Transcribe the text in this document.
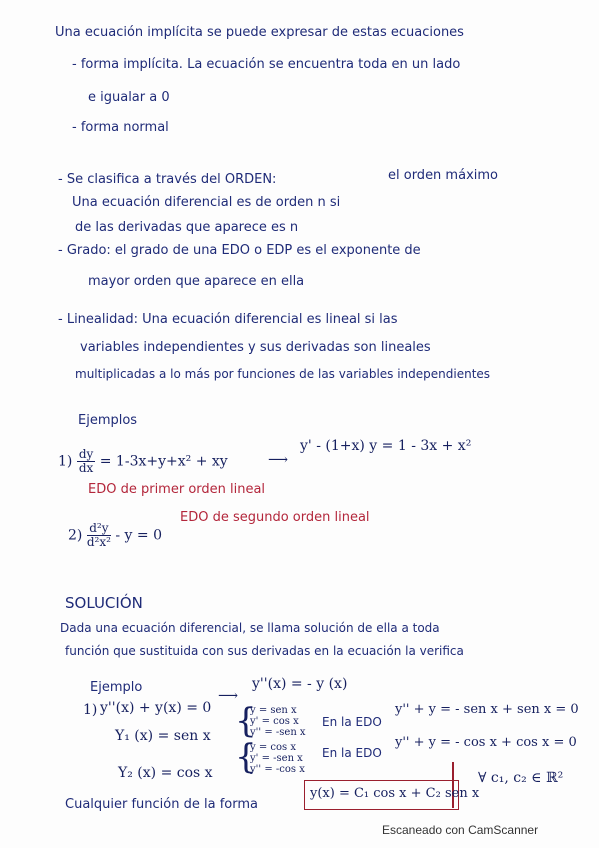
Una ecuación implícita se puede expresar de estas ecuaciones
- forma implícita. La ecuación se encuentra toda en un lado
e igualar a 0
- forma normal
- Se clasifica a través del ORDEN:	el orden máximo
Una ecuación diferencial es de orden n si
de las derivadas que aparece es n
- Grado: el grado de una EDO o EDP es el exponente de
mayor orden que aparece en ella
- Linealidad: Una ecuación diferencial es lineal si las
variables independientes y sus derivadas son lineales
multiplicadas a lo más por funciones de las variables independientes
Ejemplos
$1) \frac{dy}{dx} = 1-3x+y+x^2$ + xy	⟶
y' - (1+x) y = 1 - 3x + x²
EDO de primer orden lineal
$2) \frac{\text{d²y}}{\text{d²x²}} - y = 0$
EDO de segundo orden lineal
SOLUCIÓN
Dada una ecuación diferencial, se llama solución de ella a toda
función que sustituida con sus derivadas en la ecuación la verifica
Ejemplo
1) y''(x) + y(x) = 0
⟶
y''(x) = - y (x)
Y₁ (x) = sen x {
y = sen x
y' = cos x
y'' = -sen x
En la EDO
y'' + y = - sen x + sen x = 0
Y₂ (x) = cos x {
y = cos x
y' = -sen x
y'' = -cos x
En la EDO
y'' + y = - cos x + cos x = 0
Cualquier función de la forma
y(x) = C₁ cos x + C₂ sen x
∀ c₁, c₂ ∈ ℝ²
Escaneado con CamScanner
